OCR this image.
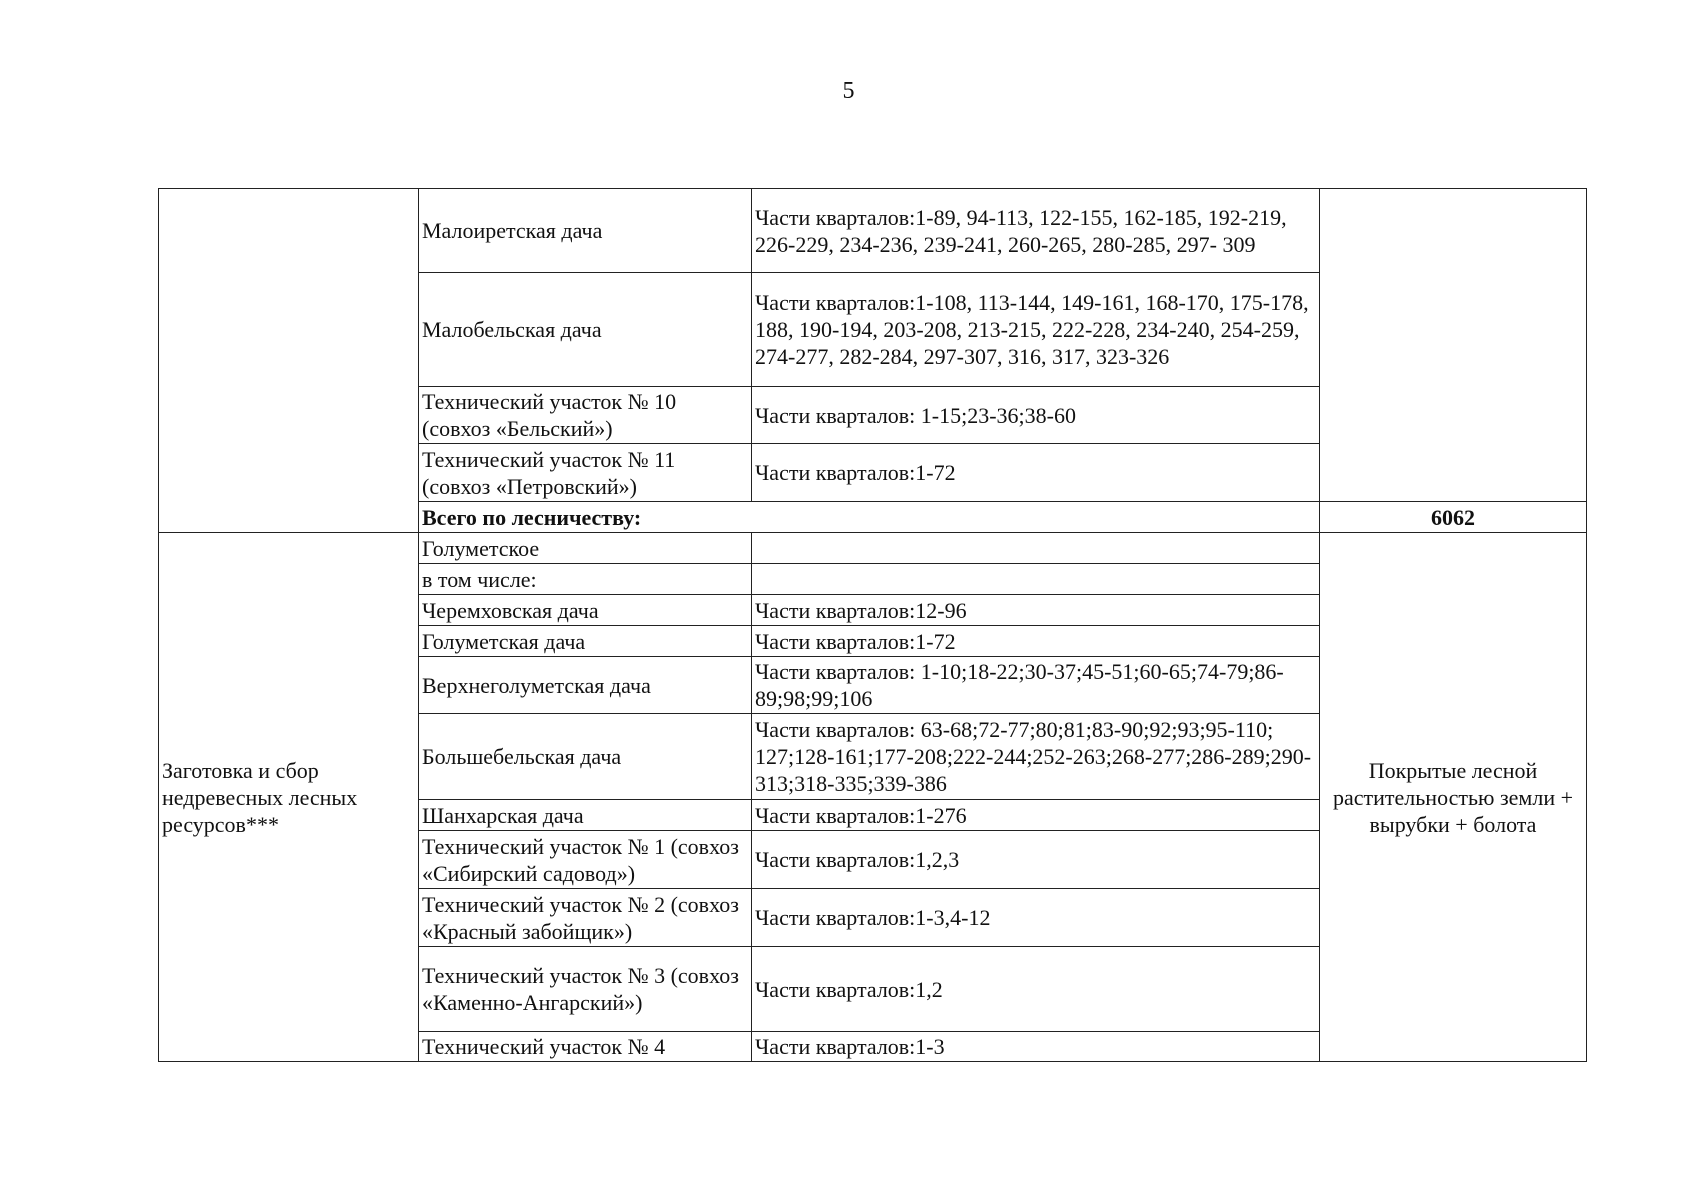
5
	Малоиретская дача	Части кварталов:1-89, 94-113, 122-155, 162-185, 192-219, 226-229, 234-236, 239-241, 260-265, 280-285, 297- 309	
	Малобельская дача	Части кварталов:1-108, 113-144, 149-161, 168-170, 175-178, 188, 190-194, 203-208, 213-215, 222-228, 234-240, 254-259, 274-277, 282-284, 297-307, 316, 317, 323-326	
	Технический участок № 10 (совхоз «Бельский»)	Части кварталов: 1-15;23-36;38-60	
	Технический участок № 11 (совхоз «Петровский»)	Части кварталов:1-72	
	Всего по лесничеству:		6062
Заготовка и сбор недревесных лесных ресурсов***	Голуметское		Покрытые лесной растительностью земли + вырубки + болота
	в том числе:		
	Черемховская дача	Части кварталов:12-96	
	Голуметская дача	Части кварталов:1-72	
	Верхнеголуметская дача	Части кварталов: 1-10;18-22;30-37;45-51;60-65;74-79;86-89;98;99;106	
	Большебельская дача	Части кварталов: 63-68;72-77;80;81;83-90;92;93;95-110; 127;128-161;177-208;222-244;252-263;268-277;286-289;290-313;318-335;339-386	
	Шанхарская дача	Части кварталов:1-276	
	Технический участок № 1 (совхоз «Сибирский садовод»)	Части кварталов:1,2,3	
	Технический участок № 2 (совхоз «Красный забойщик»)	Части кварталов:1-3,4-12	
	Технический участок № 3 (совхоз «Каменно-Ангарский»)	Части кварталов:1,2	
	Технический участок № 4	Части кварталов:1-3	
